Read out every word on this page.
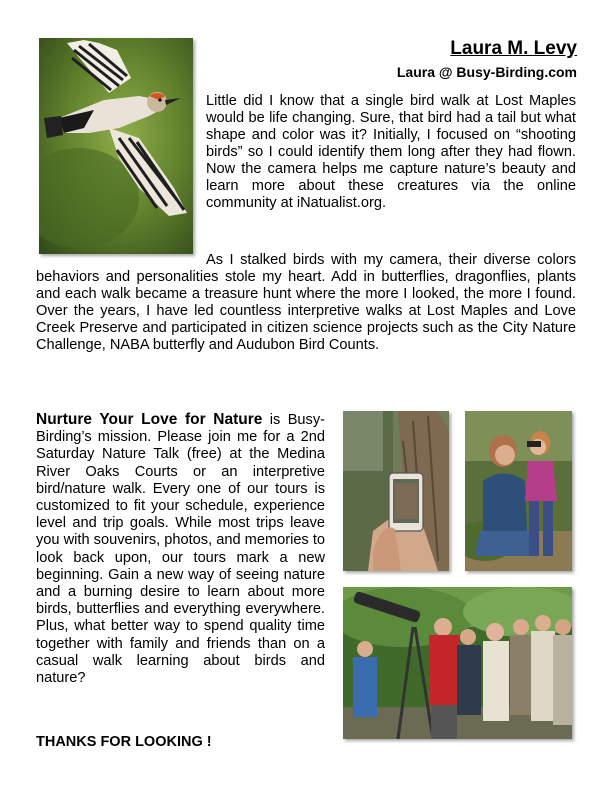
Laura M. Levy
Laura @ Busy-Birding.com

Little did I know that a single bird walk at Lost Maples would be life changing. Sure, that bird had a tail but what shape and color was it? Initially, I focused on “shooting birds” so I could identify them long after they had flown. Now the camera helps me capture nature’s beauty and learn more about these creatures via the online community at iNatualist.org.

As I stalked birds with my camera, their diverse colors behaviors and personalities stole my heart. Add in butterflies, dragonflies, plants and each walk became a treasure hunt where the more I looked, the more I found. Over the years, I have led countless interpretive walks at Lost Maples and Love Creek Preserve and participated in citizen science projects such as the City Nature Challenge, NABA butterfly and Audubon Bird Counts.

Nurture Your Love for Nature is Busy-Birding’s mission. Please join me for a 2nd Saturday Nature Talk (free) at the Medina River Oaks Courts or an interpretive bird/nature walk. Every one of our tours is customized to fit your schedule, experience level and trip goals. While most trips leave you with souvenirs, photos, and memories to look back upon, our tours mark a new beginning. Gain a new way of seeing nature and a burning desire to learn about more birds, butterflies and everything everywhere. Plus, what better way to spend quality time together with family and friends than on a casual walk learning about birds and nature?

THANKS FOR LOOKING !
